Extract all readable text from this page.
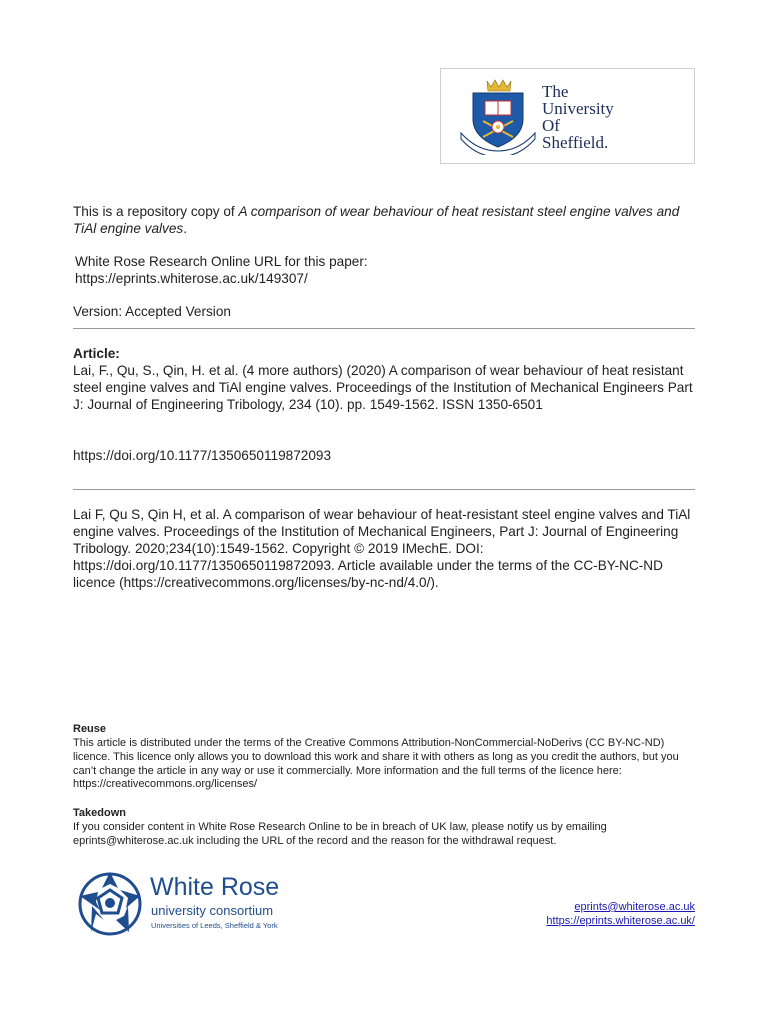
The
University
Of
Sheffield.
This is a repository copy of A comparison of wear behaviour of heat resistant steel engine valves and TiAl engine valves.
White Rose Research Online URL for this paper:
https://eprints.whiterose.ac.uk/149307/
Version: Accepted Version
Article:
Lai, F., Qu, S., Qin, H. et al. (4 more authors) (2020) A comparison of wear behaviour of heat resistant steel engine valves and TiAl engine valves. Proceedings of the Institution of Mechanical Engineers Part J: Journal of Engineering Tribology, 234 (10). pp. 1549-1562. ISSN 1350-6501
https://doi.org/10.1177/1350650119872093
Lai F, Qu S, Qin H, et al. A comparison of wear behaviour of heat-resistant steel engine valves and TiAl engine valves. Proceedings of the Institution of Mechanical Engineers, Part J: Journal of Engineering Tribology. 2020;234(10):1549-1562. Copyright © 2019 IMechE. DOI: https://doi.org/10.1177/1350650119872093. Article available under the terms of the CC-BY-NC-ND licence (https://creativecommons.org/licenses/by-nc-nd/4.0/).
Reuse
This article is distributed under the terms of the Creative Commons Attribution-NonCommercial-NoDerivs (CC BY-NC-ND) licence. This licence only allows you to download this work and share it with others as long as you credit the authors, but you can’t change the article in any way or use it commercially. More information and the full terms of the licence here: https://creativecommons.org/licenses/
Takedown
If you consider content in White Rose Research Online to be in breach of UK law, please notify us by emailing eprints@whiterose.ac.uk including the URL of the record and the reason for the withdrawal request.
White Rose
university consortium
Universities of Leeds, Sheffield & York
eprints@whiterose.ac.uk
https://eprints.whiterose.ac.uk/
